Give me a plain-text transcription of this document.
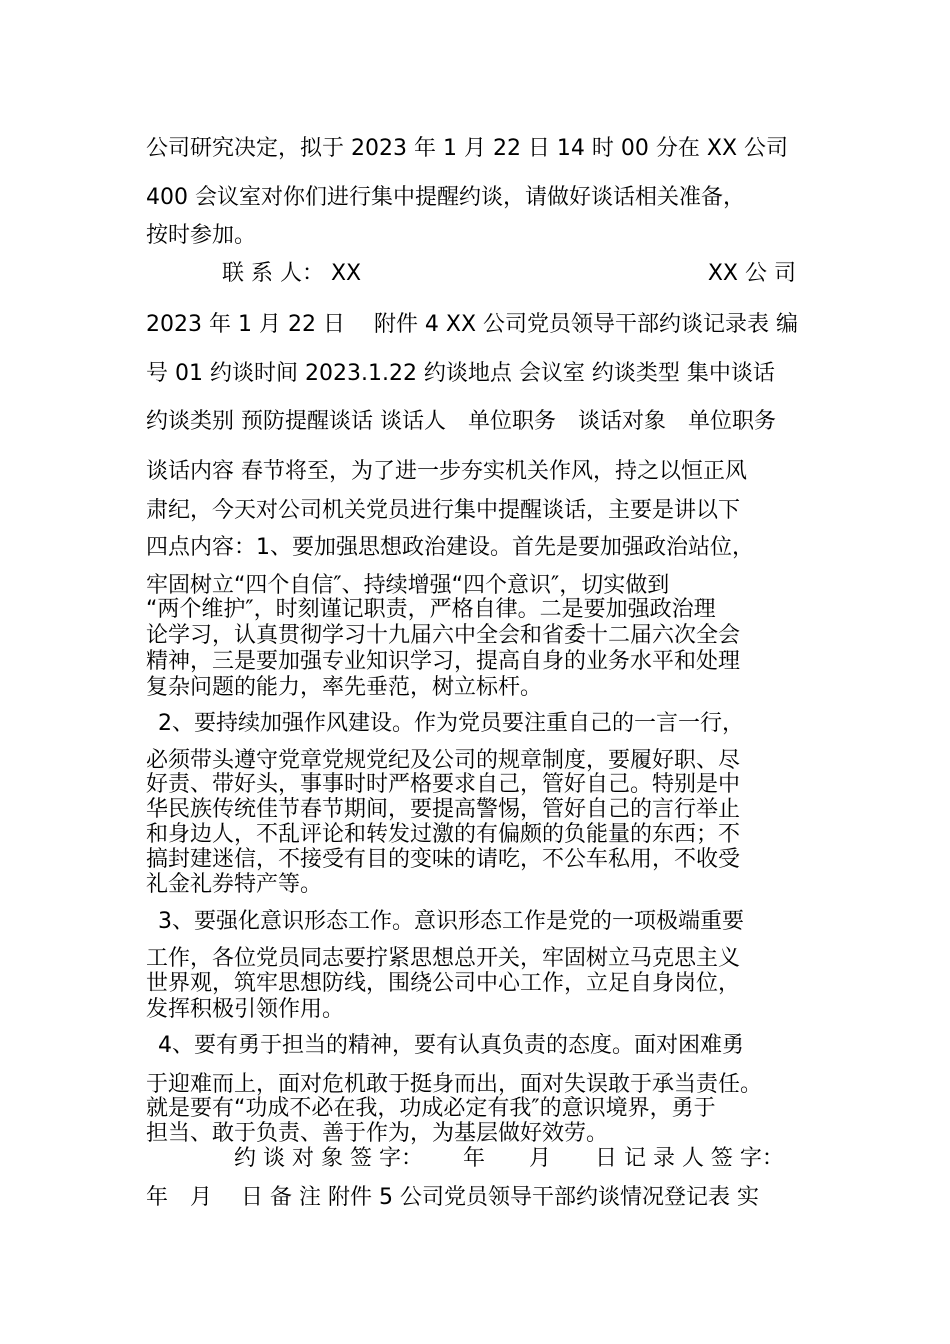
公司研究决定，拟于 2023 年 1 月 22 日 14 时 00 分在 XX 公司
400 会议室对你们进行集中提醒约谈，请做好谈话相关准备，
按时参加。
联 系 人： XX	XX 公 司
2023 年 1 月 22 日　 附件 4 XX 公司党员领导干部约谈记录表 编
号 01 约谈时间 2023.1.22 约谈地点 会议室 约谈类型 集中谈话
约谈类别 预防提醒谈话 谈话人　单位职务　谈话对象　单位职务
谈话内容 春节将至，为了进一步夯实机关作风，持之以恒正风
肃纪，今天对公司机关党员进行集中提醒谈话，主要是讲以下
四点内容：1、要加强思想政治建设。首先是要加强政治站位，
牢固树立“四个自信″、持续增强“四个意识″，切实做到
“两个维护″，时刻谨记职责，严格自律。二是要加强政治理
论学习，认真贯彻学习十九届六中全会和省委十二届六次全会
精神，三是要加强专业知识学习，提高自身的业务水平和处理
复杂问题的能力，率先垂范，树立标杆。
2、要持续加强作风建设。作为党员要注重自己的一言一行，
必须带头遵守党章党规党纪及公司的规章制度，要履好职、尽
好责、带好头，事事时时严格要求自己，管好自己。特别是中
华民族传统佳节春节期间，要提高警惕，管好自己的言行举止
和身边人，不乱评论和转发过激的有偏颇的负能量的东西；不
搞封建迷信，不接受有目的变味的请吃，不公车私用，不收受
礼金礼券特产等。
3、要强化意识形态工作。意识形态工作是党的一项极端重要
工作，各位党员同志要拧紧思想总开关，牢固树立马克思主义
世界观，筑牢思想防线，围绕公司中心工作，立足自身岗位，
发挥积极引领作用。
4、要有勇于担当的精神，要有认真负责的态度。面对困难勇
于迎难而上，面对危机敢于挺身而出，面对失误敢于承当责任。
就是要有“功成不必在我，功成必定有我″的意识境界，勇于
担当、敢于负责、善于作为，为基层做好效劳。
约 谈 对 象 签 字：　　 年　　月　　日 记 录 人 签 字：
年　月　 日 备 注 附件 5 公司党员领导干部约谈情况登记表 实
